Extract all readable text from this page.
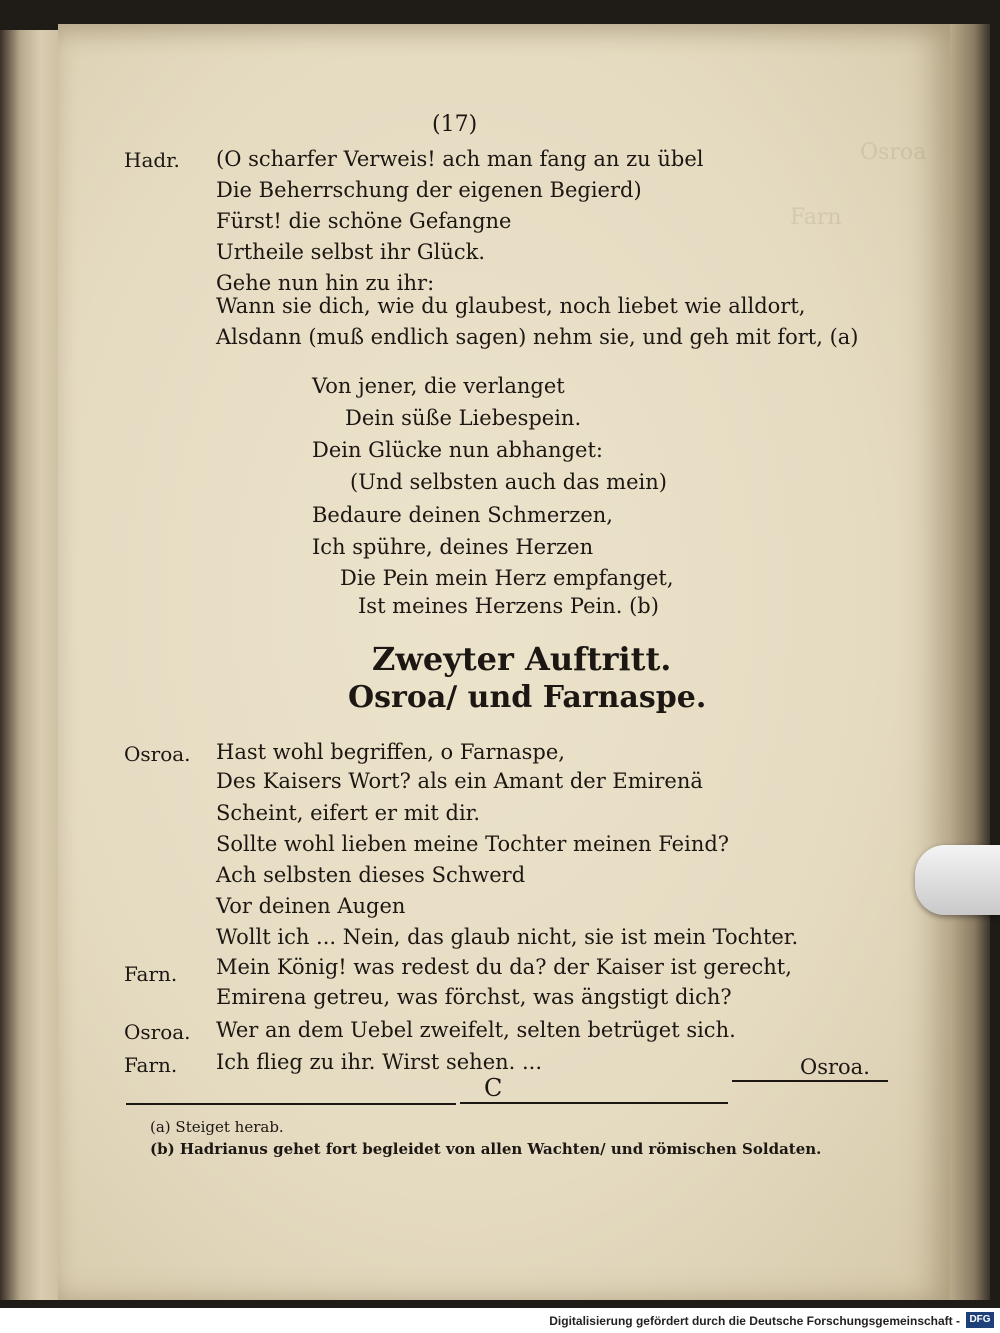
Osroa
Farn
(17)
Hadr. (O scharfer Verweis! ach man fang an zu übel
Die Beherrschung der eigenen Begierd)
Fürst! die schöne Gefangne
Urtheile selbst ihr Glück.
Gehe nun hin zu ihr:
Wann sie dich, wie du glaubest, noch liebet wie alldort,
Alsdann (muß endlich sagen) nehm sie, und geh mit fort, (a)
Von jener, die verlanget
Dein süße Liebespein.
Dein Glücke nun abhanget:
(Und selbsten auch das mein)
Bedaure deinen Schmerzen,
Ich spühre, deines Herzen
Die Pein mein Herz empfanget,
Ist meines Herzens Pein. (b)
Zweyter Auftritt.
Osroa/ und Farnaspe.
Osroa. Hast wohl begriffen, o Farnaspe,
Des Kaisers Wort? als ein Amant der Emirenä
Scheint, eifert er mit dir.
Sollte wohl lieben meine Tochter meinen Feind?
Ach selbsten dieses Schwerd
Vor deinen Augen
Wollt ich ... Nein, das glaub nicht, sie ist mein Tochter.
Farn. Mein König! was redest du da? der Kaiser ist gerecht,
Emirena getreu, was förchst, was ängstigt dich?
Osroa. Wer an dem Uebel zweifelt, selten betrüget sich.
Farn. Ich flieg zu ihr. Wirst sehen. ...	Osroa.
C
(a) Steiget herab.
(b) Hadrianus gehet fort begleidet von allen Wachten/ und römischen Soldaten.
Digitalisierung gefördert durch die Deutsche Forschungsgemeinschaft - DFG
